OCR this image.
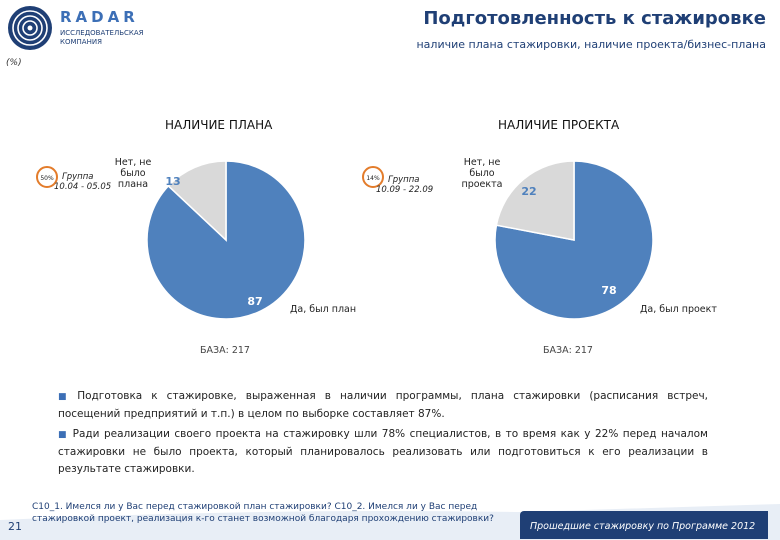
RADAR
ИССЛЕДОВАТЕЛЬСКАЯ КОМПАНИЯ
Подготовленность к стажировке
наличие плана стажировки, наличие проекта/бизнес-плана
(%)
НАЛИЧИЕ ПЛАНА
87
13
Нет, не было плана
Да, был план
БАЗА: 217
50% Группа
10.04 - 05.05
НАЛИЧИЕ ПРОЕКТА
78
22
Нет, не было проекта
Да, был проект
БАЗА: 217
14% Группа
10.09 - 22.09
■ Подготовка к стажировке, выраженная в наличии программы, плана стажировки (расписания встреч, посещений предприятий и т.п.) в целом по выборке составляет 87%.
■ Ради реализации своего проекта на стажировку шли 78% специалистов, в то время как у 22% перед началом стажировки не было проекта, который планировалось реализовать или подготовиться к его реализации в результате стажировки.
21
С10_1. Имелся ли у Вас перед стажировкой план стажировки? С10_2. Имелся ли у Вас перед стажировкой проект, реализация к-го станет возможной благодаря прохождению стажировки?
Прошедшие стажировку по Программе 2012
